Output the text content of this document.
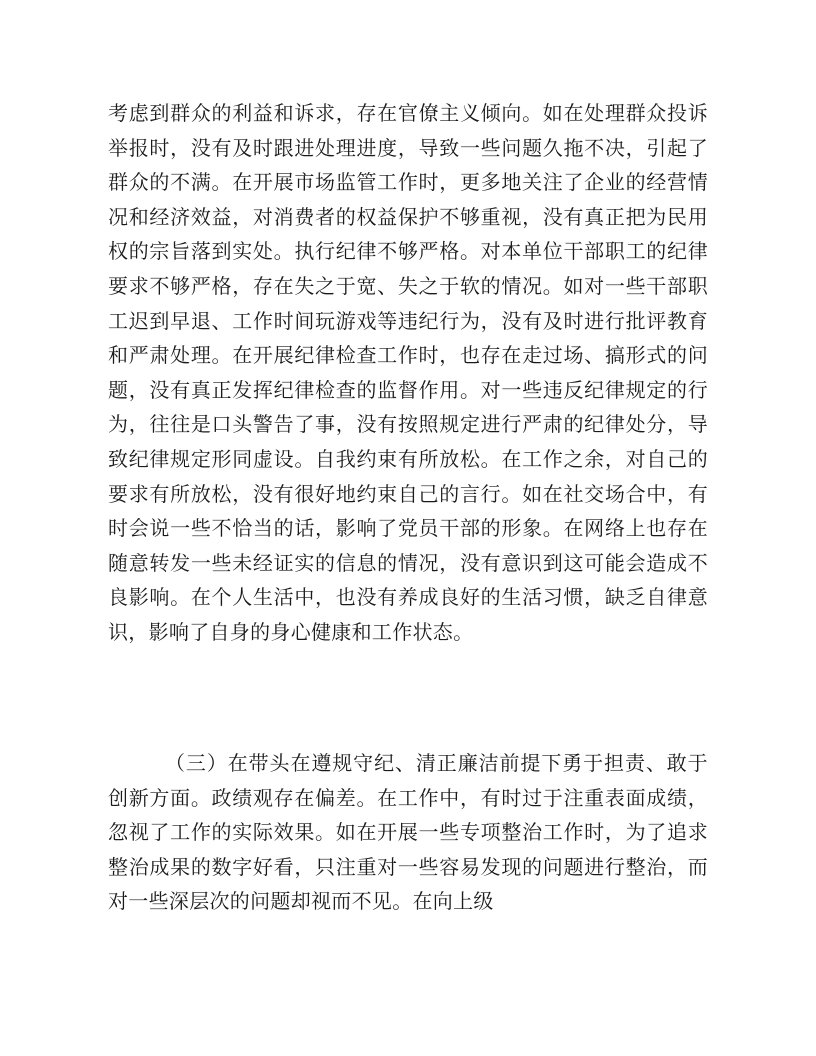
考虑到群众的利益和诉求，存在官僚主义倾向。如在处理群众投诉举报时，没有及时跟进处理进度，导致一些问题久拖不决，引起了群众的不满。在开展市场监管工作时，更多地关注了企业的经营情况和经济效益，对消费者的权益保护不够重视，没有真正把为民用权的宗旨落到实处。执行纪律不够严格。对本单位干部职工的纪律要求不够严格，存在失之于宽、失之于软的情况。如对一些干部职工迟到早退、工作时间玩游戏等违纪行为，没有及时进行批评教育和严肃处理。在开展纪律检查工作时，也存在走过场、搞形式的问题，没有真正发挥纪律检查的监督作用。对一些违反纪律规定的行为，往往是口头警告了事，没有按照规定进行严肃的纪律处分，导致纪律规定形同虚设。自我约束有所放松。在工作之余，对自己的要求有所放松，没有很好地约束自己的言行。如在社交场合中，有时会说一些不恰当的话，影响了党员干部的形象。在网络上也存在随意转发一些未经证实的信息的情况，没有意识到这可能会造成不良影响。在个人生活中，也没有养成良好的生活习惯，缺乏自律意识，影响了自身的身心健康和工作状态。

（三）在带头在遵规守纪、清正廉洁前提下勇于担责、敢于创新方面。政绩观存在偏差。在工作中，有时过于注重表面成绩，忽视了工作的实际效果。如在开展一些专项整治工作时，为了追求整治成果的数字好看，只注重对一些容易发现的问题进行整治，而对一些深层次的问题却视而不见。在向上级
